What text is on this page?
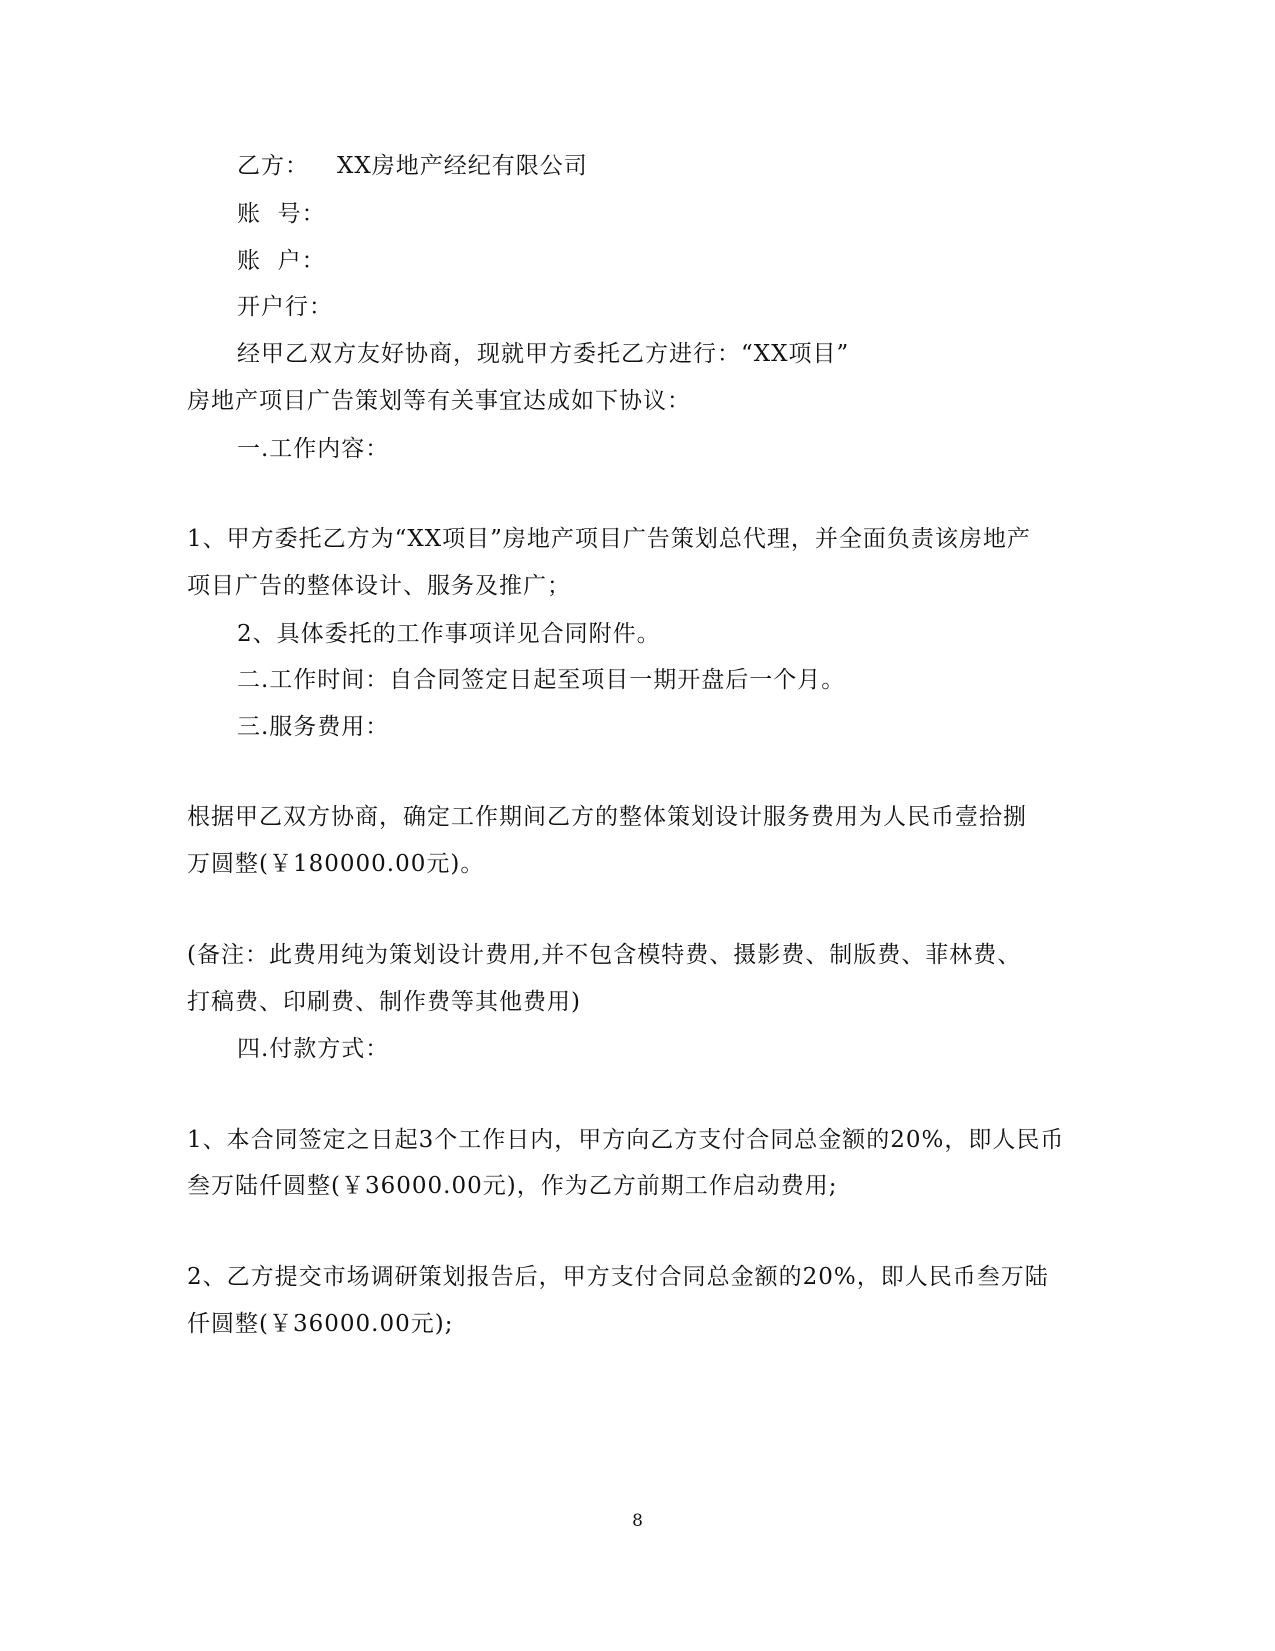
乙方： XX房地产经纪有限公司
账  号：
账  户：
开户行：
经甲乙双方友好协商，现就甲方委托乙方进行：“XX项目”
房地产项目广告策划等有关事宜达成如下协议：
一.工作内容：
1、甲方委托乙方为“XX项目”房地产项目广告策划总代理，并全面负责该房地产
项目广告的整体设计、服务及推广；
2、具体委托的工作事项详见合同附件。
二.工作时间：自合同签定日起至项目一期开盘后一个月。
三.服务费用：
根据甲乙双方协商，确定工作期间乙方的整体策划设计服务费用为人民币壹拾捌
万圆整(￥180000.00元)。
(备注：此费用纯为策划设计费用,并不包含模特费、摄影费、制版费、菲林费、
打稿费、印刷费、制作费等其他费用)
四.付款方式：
1、本合同签定之日起3个工作日内，甲方向乙方支付合同总金额的20%，即人民币
叁万陆仟圆整(￥36000.00元)，作为乙方前期工作启动费用;
2、乙方提交市场调研策划报告后，甲方支付合同总金额的20%，即人民币叁万陆
仟圆整(￥36000.00元);
8
